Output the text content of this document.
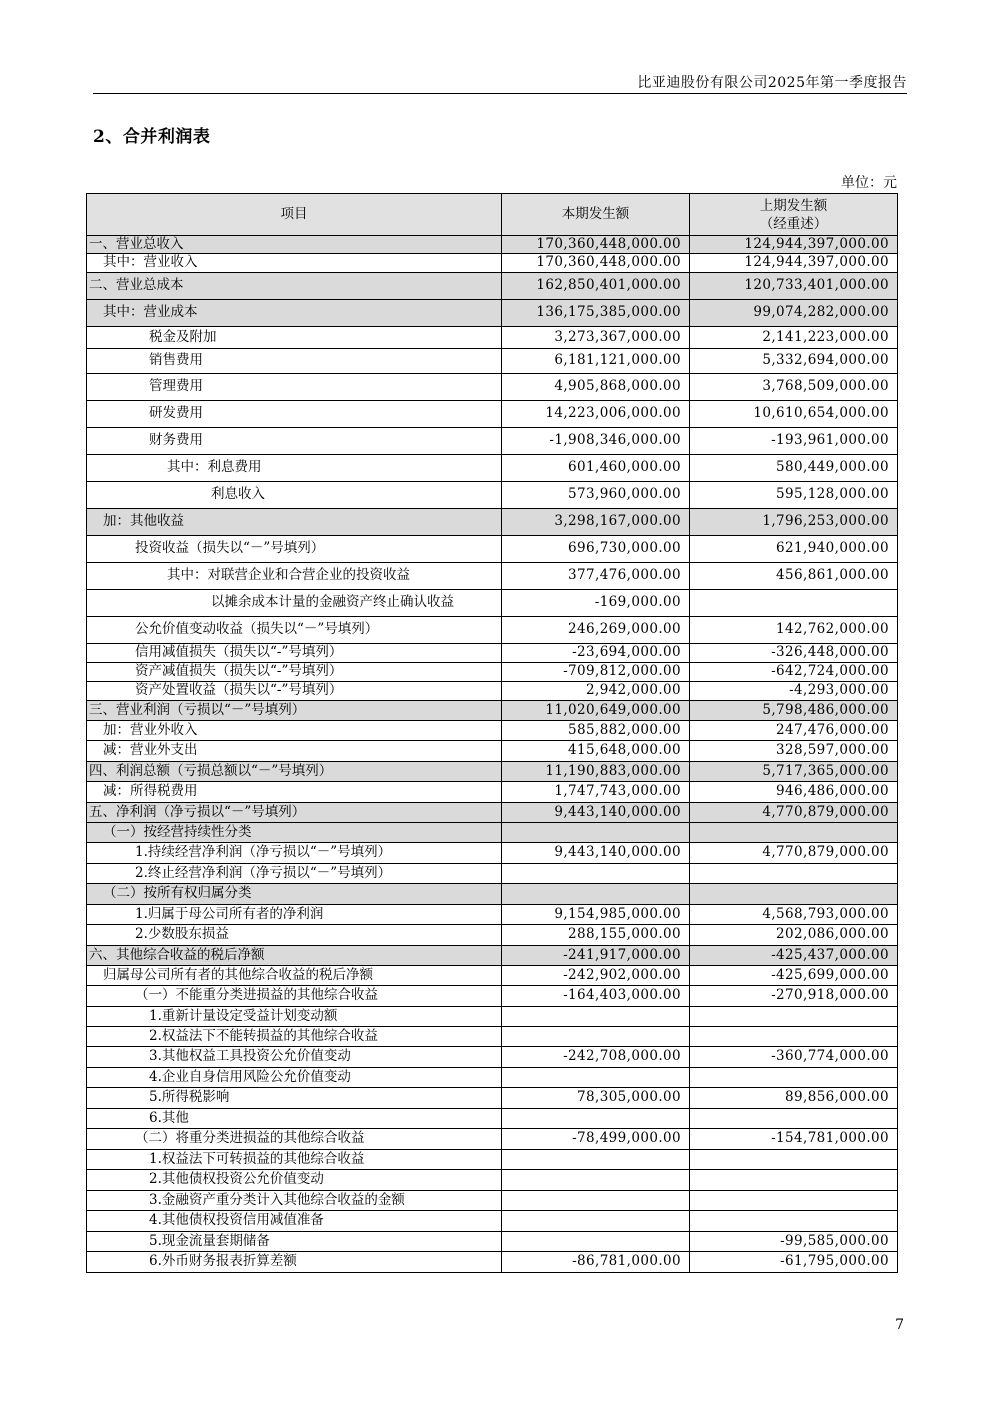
比亚迪股份有限公司2025年第一季度报告
2、合并利润表
单位：元
项目	本期发生额	上期发生额
（经重述）

一、营业总收入	170,360,448,000.00	124,944,397,000.00
其中：营业收入	170,360,448,000.00	124,944,397,000.00
二、营业总成本	162,850,401,000.00	120,733,401,000.00
其中：营业成本	136,175,385,000.00	99,074,282,000.00
税金及附加	3,273,367,000.00	2,141,223,000.00
销售费用	6,181,121,000.00	5,332,694,000.00
管理费用	4,905,868,000.00	3,768,509,000.00
研发费用	14,223,006,000.00	10,610,654,000.00
财务费用	-1,908,346,000.00	-193,961,000.00
其中：利息费用	601,460,000.00	580,449,000.00
利息收入	573,960,000.00	595,128,000.00
加：其他收益	3,298,167,000.00	1,796,253,000.00
投资收益（损失以“－”号填列）	696,730,000.00	621,940,000.00
其中：对联营企业和合营企业的投资收益	377,476,000.00	456,861,000.00
以摊余成本计量的金融资产终止确认收益	-169,000.00	
公允价值变动收益（损失以“－”号填列）	246,269,000.00	142,762,000.00
信用减值损失（损失以“-”号填列）	-23,694,000.00	-326,448,000.00
资产减值损失（损失以“-”号填列）	-709,812,000.00	-642,724,000.00
资产处置收益（损失以“-”号填列）	2,942,000.00	-4,293,000.00
三、营业利润（亏损以“－”号填列）	11,020,649,000.00	5,798,486,000.00
加：营业外收入	585,882,000.00	247,476,000.00
减：营业外支出	415,648,000.00	328,597,000.00
四、利润总额（亏损总额以“－”号填列）	11,190,883,000.00	5,717,365,000.00
减：所得税费用	1,747,743,000.00	946,486,000.00
五、净利润（净亏损以“－”号填列）	9,443,140,000.00	4,770,879,000.00
（一）按经营持续性分类		
1.持续经营净利润（净亏损以“－”号填列）	9,443,140,000.00	4,770,879,000.00
2.终止经营净利润（净亏损以“－”号填列）		
（二）按所有权归属分类		
1.归属于母公司所有者的净利润	9,154,985,000.00	4,568,793,000.00
2.少数股东损益	288,155,000.00	202,086,000.00
六、其他综合收益的税后净额	-241,917,000.00	-425,437,000.00
归属母公司所有者的其他综合收益的税后净额	-242,902,000.00	-425,699,000.00
（一）不能重分类进损益的其他综合收益	-164,403,000.00	-270,918,000.00
1.重新计量设定受益计划变动额		
2.权益法下不能转损益的其他综合收益		
3.其他权益工具投资公允价值变动	-242,708,000.00	-360,774,000.00
4.企业自身信用风险公允价值变动		
5.所得税影响	78,305,000.00	89,856,000.00
6.其他		
（二）将重分类进损益的其他综合收益	-78,499,000.00	-154,781,000.00
1.权益法下可转损益的其他综合收益		
2.其他债权投资公允价值变动		
3.金融资产重分类计入其他综合收益的金额		
4.其他债权投资信用减值准备		
5.现金流量套期储备		-99,585,000.00
6.外币财务报表折算差额	-86,781,000.00	-61,795,000.00
7
